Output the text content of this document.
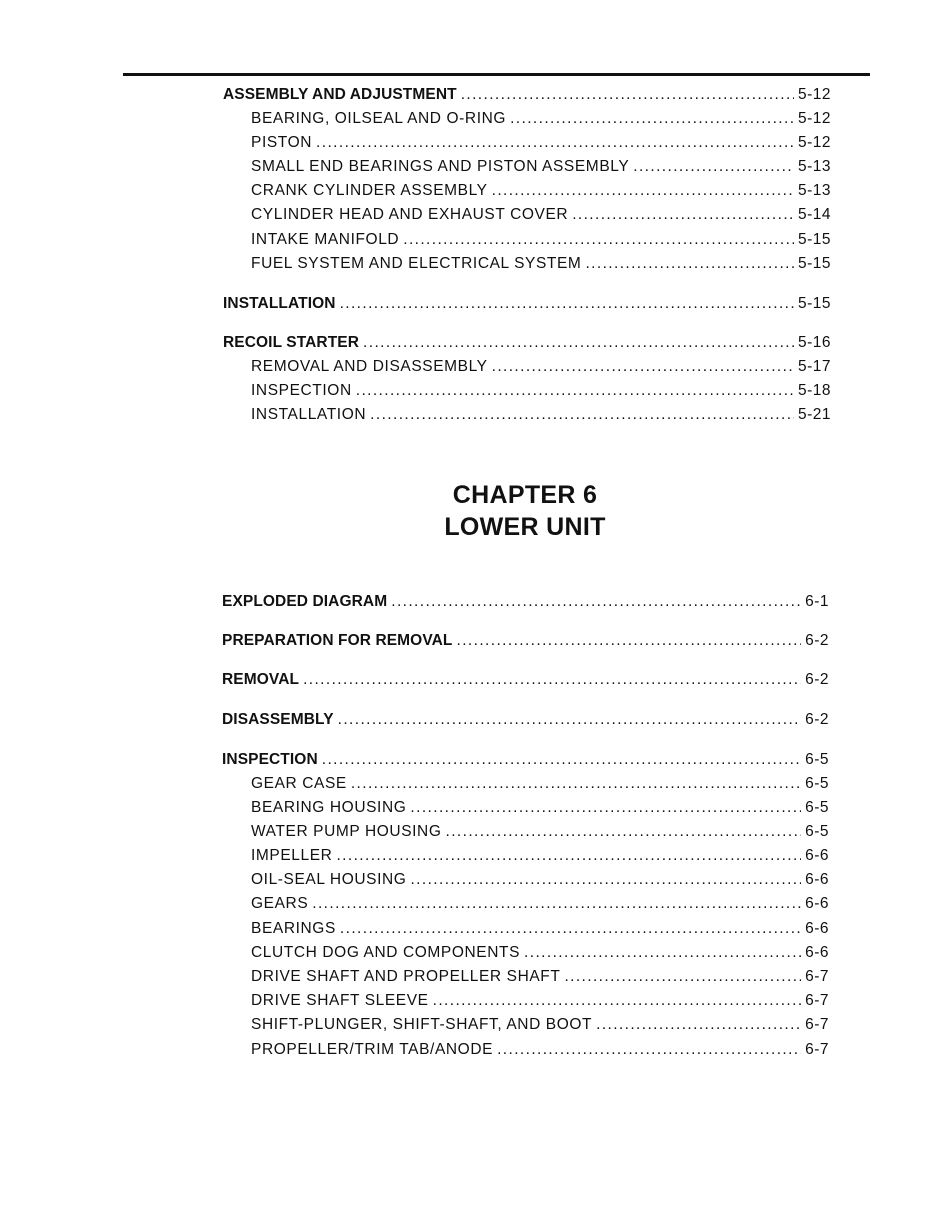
ASSEMBLY AND ADJUSTMENT .....	5-12
BEARING, OILSEAL AND O-RING .....	5-12
PISTON .....	5-12
SMALL END BEARINGS AND PISTON ASSEMBLY .....	5-13
CRANK CYLINDER ASSEMBLY .....	5-13
CYLINDER HEAD AND EXHAUST COVER .....	5-14
INTAKE MANIFOLD .....	5-15
FUEL SYSTEM AND ELECTRICAL SYSTEM .....	5-15
INSTALLATION .....	5-15
RECOIL STARTER .....	5-16
REMOVAL AND DISASSEMBLY .....	5-17
INSPECTION .....	5-18
INSTALLATION .....	5-21
CHAPTER 6
LOWER UNIT
EXPLODED DIAGRAM .....	6-1
PREPARATION FOR REMOVAL .....	6-2
REMOVAL .....	6-2
DISASSEMBLY .....	6-2
INSPECTION .....	6-5
GEAR CASE .....	6-5
BEARING HOUSING .....	6-5
WATER PUMP HOUSING .....	6-5
IMPELLER .....	6-6
OIL-SEAL HOUSING .....	6-6
GEARS .....	6-6
BEARINGS .....	6-6
CLUTCH DOG AND COMPONENTS .....	6-6
DRIVE SHAFT AND PROPELLER SHAFT .....	6-7
DRIVE SHAFT SLEEVE .....	6-7
SHIFT-PLUNGER, SHIFT-SHAFT, AND BOOT .....	6-7
PROPELLER/TRIM TAB/ANODE .....	6-7
